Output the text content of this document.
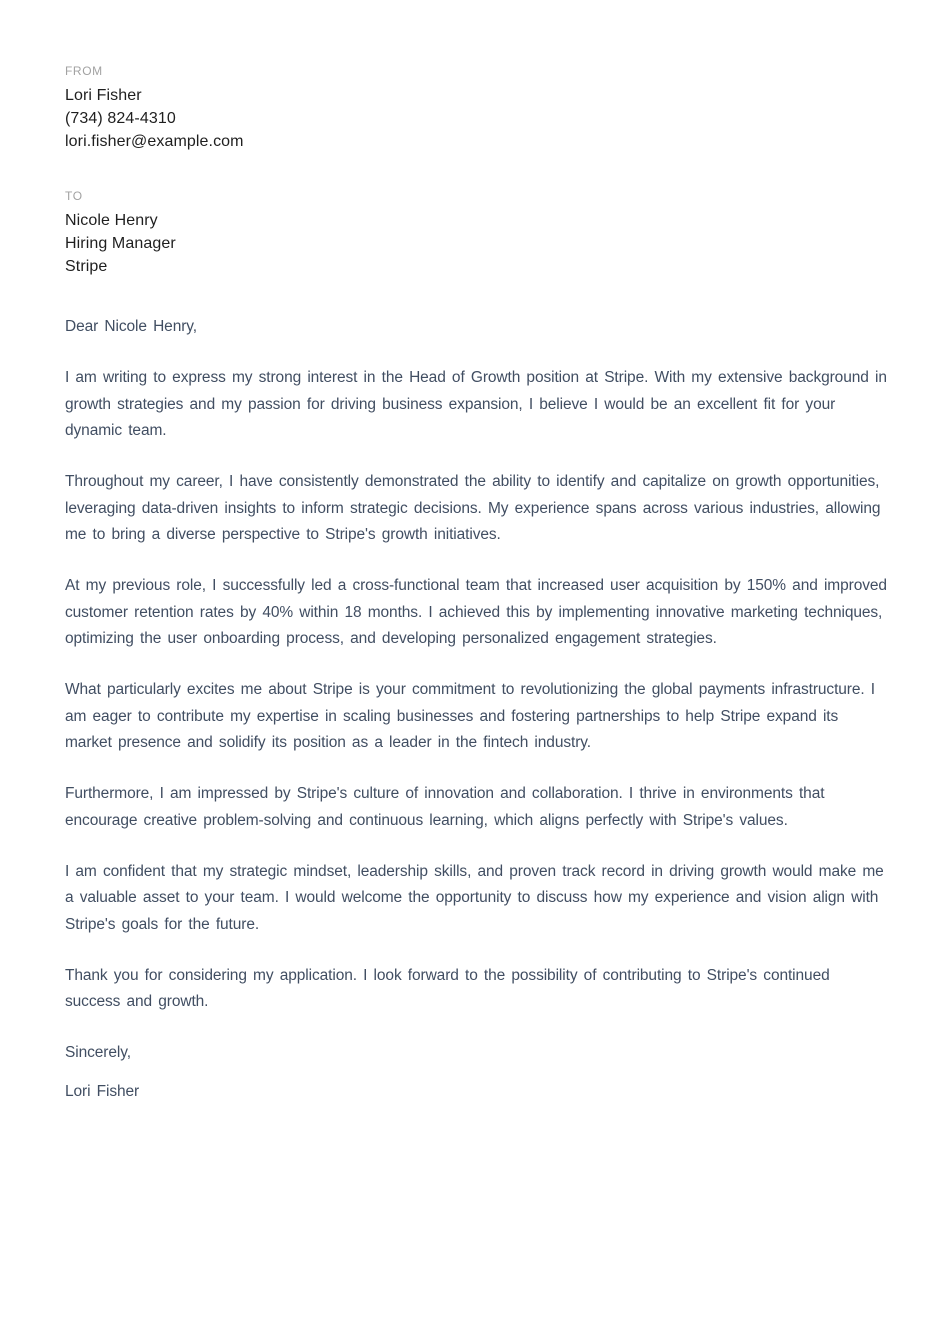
FROM
Lori Fisher
(734) 824-4310
lori.fisher@example.com
TO
Nicole Henry
Hiring Manager
Stripe

Dear Nicole Henry,

I am writing to express my strong interest in the Head of Growth position at Stripe. With my extensive background in growth strategies and my passion for driving business expansion, I believe I would be an excellent fit for your dynamic team.

Throughout my career, I have consistently demonstrated the ability to identify and capitalize on growth opportunities, leveraging data-driven insights to inform strategic decisions. My experience spans across various industries, allowing me to bring a diverse perspective to Stripe's growth initiatives.

At my previous role, I successfully led a cross-functional team that increased user acquisition by 150% and improved customer retention rates by 40% within 18 months. I achieved this by implementing innovative marketing techniques, optimizing the user onboarding process, and developing personalized engagement strategies.

What particularly excites me about Stripe is your commitment to revolutionizing the global payments infrastructure. I am eager to contribute my expertise in scaling businesses and fostering partnerships to help Stripe expand its market presence and solidify its position as a leader in the fintech industry.

Furthermore, I am impressed by Stripe's culture of innovation and collaboration. I thrive in environments that encourage creative problem-solving and continuous learning, which aligns perfectly with Stripe's values.

I am confident that my strategic mindset, leadership skills, and proven track record in driving growth would make me a valuable asset to your team. I would welcome the opportunity to discuss how my experience and vision align with Stripe's goals for the future.

Thank you for considering my application. I look forward to the possibility of contributing to Stripe's continued success and growth.

Sincerely,

Lori Fisher
